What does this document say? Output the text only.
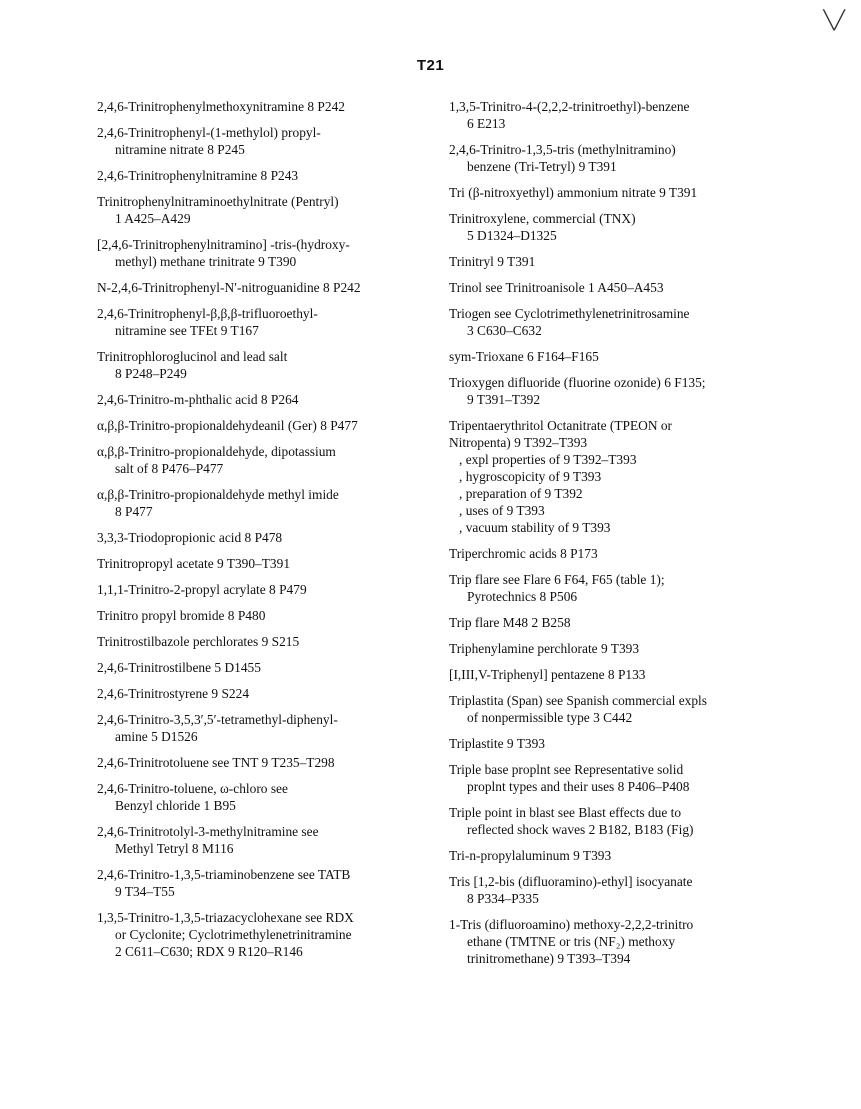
╲╱
T21
2,4,6-Trinitrophenylmethoxynitramine 8 P242
2,4,6-Trinitrophenyl-(1-methylol) propyl-
nitramine nitrate 8 P245
2,4,6-Trinitrophenylnitramine 8 P243
Trinitrophenylnitraminoethylnitrate (Pentryl)
1 A425–A429
[2,4,6-Trinitrophenylnitramino] -tris-(hydroxy-
methyl) methane trinitrate 9 T390
N-2,4,6-Trinitrophenyl-N′-nitroguanidine 8 P242
2,4,6-Trinitrophenyl-β,β,β-trifluoroethyl-
nitramine see TFEt 9 T167
Trinitrophloroglucinol and lead salt
8 P248–P249
2,4,6-Trinitro-m-phthalic acid 8 P264
α,β,β-Trinitro-propionaldehydeanil (Ger) 8 P477
α,β,β-Trinitro-propionaldehyde, dipotassium
salt of 8 P476–P477
α,β,β-Trinitro-propionaldehyde methyl imide
8 P477
3,3,3-Triodopropionic acid 8 P478
Trinitropropyl acetate 9 T390–T391
1,1,1-Trinitro-2-propyl acrylate 8 P479
Trinitro propyl bromide 8 P480
Trinitrostilbazole perchlorates 9 S215
2,4,6-Trinitrostilbene 5 D1455
2,4,6-Trinitrostyrene 9 S224
2,4,6-Trinitro-3,5,3′,5′-tetramethyl-diphenyl-
amine 5 D1526
2,4,6-Trinitrotoluene see TNT 9 T235–T298
2,4,6-Trinitro-toluene, ω-chloro see
Benzyl chloride 1 B95
2,4,6-Trinitrotolyl-3-methylnitramine see
Methyl Tetryl 8 M116
2,4,6-Trinitro-1,3,5-triaminobenzene see TATB
9 T34–T55
1,3,5-Trinitro-1,3,5-triazacyclohexane see RDX
or Cyclonite; Cyclotrimethylenetrinitramine
2 C611–C630; RDX 9 R120–R146
1,3,5-Trinitro-4-(2,2,2-trinitroethyl)-benzene
6 E213
2,4,6-Trinitro-1,3,5-tris (methylnitramino)
benzene (Tri-Tetryl) 9 T391
Tri (β-nitroxyethyl) ammonium nitrate 9 T391
Trinitroxylene, commercial (TNX)
5 D1324–D1325
Trinitryl 9 T391
Trinol see Trinitroanisole 1 A450–A453
Triogen see Cyclotrimethylenetrinitrosamine
3 C630–C632
sym-Trioxane 6 F164–F165
Trioxygen difluoride (fluorine ozonide) 6 F135;
9 T391–T392
Tripentaerythritol Octanitrate (TPEON or
Nitropenta) 9 T392–T393
, expl properties of 9 T392–T393
, hygroscopicity of 9 T393
, preparation of 9 T392
, uses of 9 T393
, vacuum stability of 9 T393
Triperchromic acids 8 P173
Trip flare see Flare 6 F64, F65 (table 1);
Pyrotechnics 8 P506
Trip flare M48 2 B258
Triphenylamine perchlorate 9 T393
[I,III,V-Triphenyl] pentazene 8 P133
Triplastita (Span) see Spanish commercial expls
of nonpermissible type 3 C442
Triplastite 9 T393
Triple base proplnt see Representative solid
proplnt types and their uses 8 P406–P408
Triple point in blast see Blast effects due to
reflected shock waves 2 B182, B183 (Fig)
Tri-n-propylaluminum 9 T393
Tris [1,2-bis (difluoramino)-ethyl] isocyanate
8 P334–P335
1-Tris (difluoroamino) methoxy-2,2,2-trinitro
ethane (TMTNE or tris (NF₂) methoxy
trinitromethane) 9 T393–T394
